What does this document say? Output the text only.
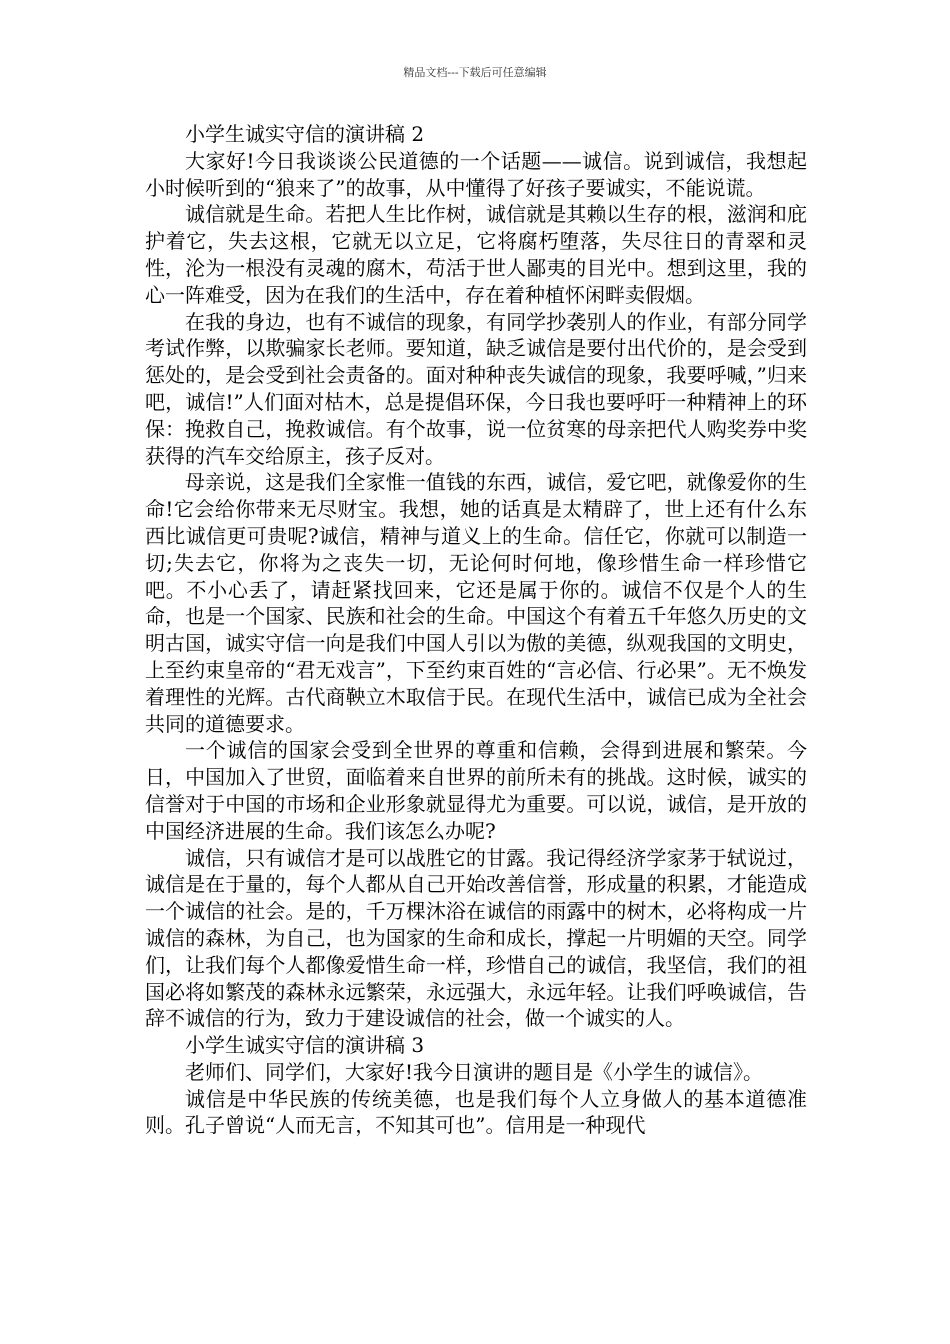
精品文档---下载后可任意编辑

小学生诚实守信的演讲稿 2

大家好!今日我谈谈公民道德的一个话题——诚信。说到诚信，我想起小时候听到的“狼来了”的故事，从中懂得了好孩子要诚实，不能说谎。

诚信就是生命。若把人生比作树，诚信就是其赖以生存的根，滋润和庇护着它，失去这根，它就无以立足，它将腐朽堕落，失尽往日的青翠和灵性，沦为一根没有灵魂的腐木，苟活于世人鄙夷的目光中。想到这里，我的心一阵难受，因为在我们的生活中，存在着种植怀闲畔卖假烟。

在我的身边，也有不诚信的现象，有同学抄袭别人的作业，有部分同学考试作弊，以欺骗家长老师。要知道，缺乏诚信是要付出代价的，是会受到惩处的，是会受到社会责备的。面对种种丧失诚信的现象，我要呼喊，”归来吧，诚信!”人们面对枯木，总是提倡环保，今日我也要呼吁一种精神上的环保：挽救自己，挽救诚信。有个故事，说一位贫寒的母亲把代人购奖券中奖获得的汽车交给原主，孩子反对。

母亲说，这是我们全家惟一值钱的东西，诚信，爱它吧，就像爱你的生命!它会给你带来无尽财宝。我想，她的话真是太精辟了，世上还有什么东西比诚信更可贵呢?诚信，精神与道义上的生命。信任它，你就可以制造一切;失去它，你将为之丧失一切，无论何时何地，像珍惜生命一样珍惜它吧。不小心丢了，请赶紧找回来，它还是属于你的。诚信不仅是个人的生命，也是一个国家、民族和社会的生命。中国这个有着五千年悠久历史的文明古国，诚实守信一向是我们中国人引以为傲的美德，纵观我国的文明史，上至约束皇帝的“君无戏言”，下至约束百姓的“言必信、行必果”。无不焕发着理性的光辉。古代商鞅立木取信于民。在现代生活中，诚信已成为全社会共同的道德要求。

一个诚信的国家会受到全世界的尊重和信赖，会得到进展和繁荣。今日，中国加入了世贸，面临着来自世界的前所未有的挑战。这时候，诚实的信誉对于中国的市场和企业形象就显得尤为重要。可以说，诚信，是开放的中国经济进展的生命。我们该怎么办呢?

诚信，只有诚信才是可以战胜它的甘露。我记得经济学家茅于轼说过，诚信是在于量的，每个人都从自己开始改善信誉，形成量的积累，才能造成一个诚信的社会。是的，千万棵沐浴在诚信的雨露中的树木，必将构成一片诚信的森林，为自己，也为国家的生命和成长，撑起一片明媚的天空。同学们，让我们每个人都像爱惜生命一样，珍惜自己的诚信，我坚信，我们的祖国必将如繁茂的森林永远繁荣，永远强大，永远年轻。让我们呼唤诚信，告辞不诚信的行为，致力于建设诚信的社会，做一个诚实的人。

小学生诚实守信的演讲稿 3

老师们、同学们，大家好!我今日演讲的题目是《小学生的诚信》。

诚信是中华民族的传统美德，也是我们每个人立身做人的基本道德准则。孔子曾说“人而无言，不知其可也”。信用是一种现代
